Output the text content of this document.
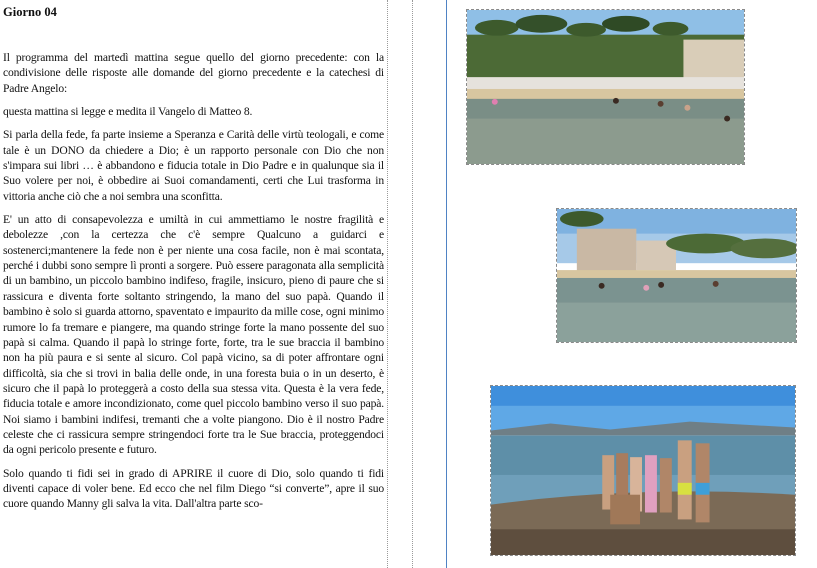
Giorno 04

Il programma del martedì mattina segue quello del giorno precedente: con la condivisione delle risposte alle domande del giorno precedente e la catechesi di Padre Angelo:

questa mattina si legge e medita il Vangelo di Matteo 8.

Si parla della fede, fa parte insieme a Speranza e Carità delle virtù teologali, e come tale è un DONO da chiedere a Dio; è un rapporto personale con Dio che non s'impara sui libri … è abbandono e fiducia totale in Dio Padre e in qualunque sia il Suo volere per noi, è obbedire ai Suoi comandamenti, certi che Lui trasforma in vittoria anche ciò che a noi sembra una sconfitta.

E' un atto di consapevolezza e umiltà in cui ammettiamo le nostre fragilità e debolezze ,con la certezza che c'è sempre Qualcuno a guidarci e sostenerci;mantenere la fede non è per niente una cosa facile, non è mai scontata, perché i dubbi sono sempre lì pronti a sorgere. Può essere paragonata alla semplicità di un bambino, un piccolo bambino indifeso, fragile, insicuro, pieno di paure che si rassicura e diventa forte soltanto stringendo, la mano del suo papà. Quando il bambino è solo si guarda attorno, spaventato e impaurito da mille cose, ogni minimo rumore lo fa tremare e piangere, ma quando stringe forte la mano possente del suo papà si calma. Quando il papà lo stringe forte, forte, tra le sue braccia il bambino non ha più paura e si sente al sicuro. Col papà vicino, sa di poter affrontare ogni difficoltà, sia che si trovi in balia delle onde, in una foresta buia o in un deserto, è sicuro che il papà lo proteggerà a costo della sua stessa vita. Questa è la vera fede, fiducia totale e amore incondizionato, come quel piccolo bambino verso il suo papà. Noi siamo i bambini indifesi, tremanti che a volte piangono. Dio è il nostro Padre celeste che ci rassicura sempre stringendoci forte tra le Sue braccia, proteggendoci da ogni pericolo presente e futuro.

Solo quando ti fidi sei in grado di APRIRE il cuore di Dio, solo quando ti fidi diventi capace di voler bene. Ed ecco che nel film Diego “si converte”, apre il suo cuore quando Manny gli salva la vita. Dall'altra parte sco-
